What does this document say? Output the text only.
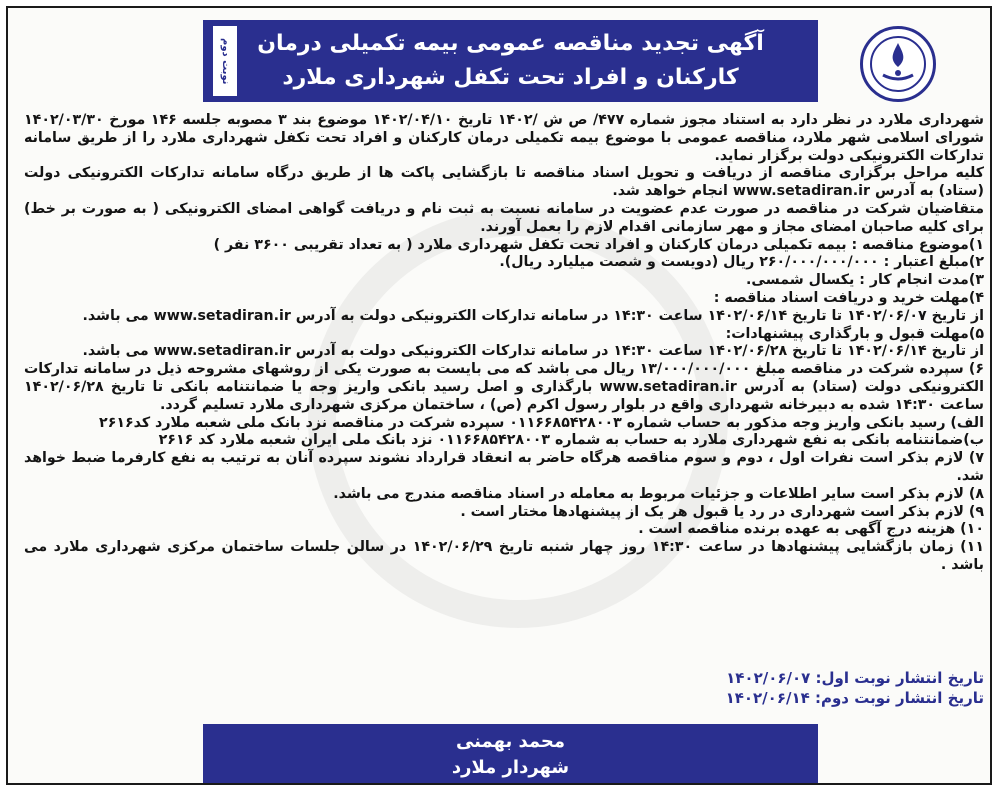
آگهی تجدید مناقصه عمومی بیمه تکمیلی درمان
کارکنان و افراد تحت تکفل شهرداری ملارد
نوبت دوم

شهرداری ملارد در نظر دارد به استناد مجوز شماره ۴۷۷/ ص ش /۱۴۰۲ تاریخ ۱۴۰۲/۰۴/۱۰ موضوع بند ۳ مصوبه جلسه ۱۴۶ مورخ ۱۴۰۲/۰۳/۳۰ شورای اسلامی شهر ملارد، مناقصه عمومی با موضوع بیمه تکمیلی درمان کارکنان و افراد تحت تکفل شهرداری ملارد را از طریق سامانه تدارکات الکترونیکی دولت برگزار نماید.

کلیه مراحل برگزاری مناقصه از دریافت و تحویل اسناد مناقصه تا بازگشایی پاکت ها از طریق درگاه سامانه تدارکات الکترونیکی دولت (ستاد) به آدرس www.setadiran.ir انجام خواهد شد.

متقاضیان شرکت در مناقصه در صورت عدم عضویت در سامانه نسبت به ثبت نام و دریافت گواهی امضای الکترونیکی ( به صورت بر خط) برای کلیه صاحبان امضای مجاز و مهر سازمانی اقدام لازم را بعمل آورند.

۱)موضوع مناقصه : بیمه تکمیلی درمان کارکنان و افراد تحت تکفل شهرداری ملارد ( به تعداد تقریبی ۳۶۰۰ نفر )

۲)مبلغ اعتبار : ۲۶۰/۰۰۰/۰۰۰/۰۰۰ ریال (دویست و شصت میلیارد ریال).

۳)مدت انجام کار : یکسال شمسی.

۴)مهلت خرید و دریافت اسناد مناقصه :

از تاریخ ۱۴۰۲/۰۶/۰۷ تا تاریخ ۱۴۰۲/۰۶/۱۴ ساعت ۱۴:۳۰ در سامانه تدارکات الکترونیکی دولت به آدرس www.setadiran.ir می باشد.

۵)مهلت قبول و بارگذاری پیشنهادات:

از تاریخ ۱۴۰۲/۰۶/۱۴ تا تاریخ ۱۴۰۲/۰۶/۲۸ ساعت ۱۴:۳۰ در سامانه تدارکات الکترونیکی دولت به آدرس www.setadiran.ir می باشد.

۶) سپرده شرکت در مناقصه مبلغ ۱۳/۰۰۰/۰۰۰/۰۰۰ ریال می باشد که می بایست به صورت یکی از روشهای مشروحه ذیل در سامانه تدارکات الکترونیکی دولت (ستاد) به آدرس www.setadiran.ir بارگذاری و اصل رسید بانکی واریز وجه یا ضمانتنامه بانکی تا تاریخ ۱۴۰۲/۰۶/۲۸ ساعت ۱۴:۳۰ شده به دبیرخانه شهرداری واقع در بلوار رسول اکرم (ص) ، ساختمان مرکزی شهرداری ملارد تسلیم گردد.

الف) رسید بانکی واریز وجه مذکور به حساب شماره ۰۱۱۶۶۸۵۴۲۸۰۰۳ سپرده شرکت در مناقصه نزد بانک ملی شعبه ملارد کد۲۶۱۶

ب)ضمانتنامه بانکی به نفع شهرداری ملارد به حساب به شماره ۰۱۱۶۶۸۵۴۲۸۰۰۳ نزد بانک ملی ایران شعبه ملارد کد ۲۶۱۶

۷) لازم بذکر است نفرات اول ، دوم و سوم مناقصه هرگاه حاضر به انعقاد قرارداد نشوند سپرده آنان به ترتیب به نفع کارفرما ضبط خواهد شد.

۸) لازم بذکر است سایر اطلاعات و جزئیات مربوط به معامله در اسناد مناقصه مندرج می باشد.

۹) لازم بذکر است شهرداری در رد یا قبول هر یک از پیشنهادها مختار است .

۱۰) هزینه درج آگهی به عهده برنده مناقصه است .

۱۱) زمان بازگشایی پیشنهادها در ساعت ۱۴:۳۰ روز چهار شنبه تاریخ ۱۴۰۲/۰۶/۲۹ در سالن جلسات ساختمان مرکزی شهرداری ملارد می باشد .

تاریخ انتشار نوبت اول: ۱۴۰۲/۰۶/۰۷

تاریخ انتشار نوبت دوم: ۱۴۰۲/۰۶/۱۴

محمد بهمنی
شهردار ملارد
